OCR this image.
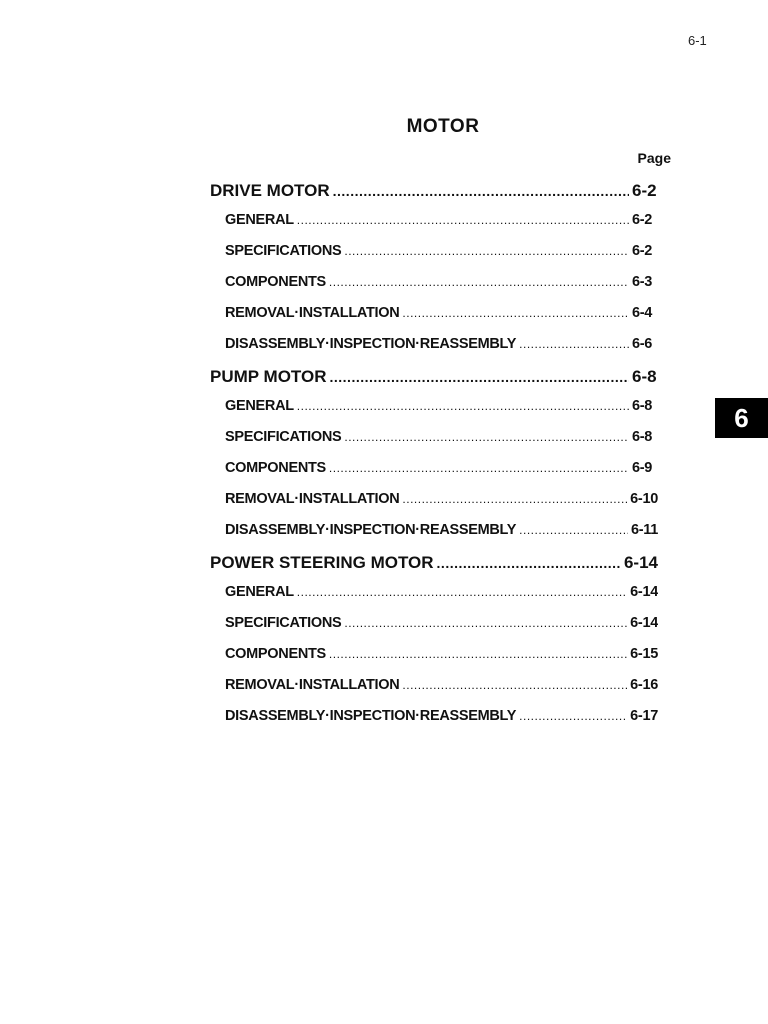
6-1
MOTOR
Page
DRIVE MOTOR .....	6-2
GENERAL .....	6-2
SPECIFICATIONS .....	6-2
COMPONENTS .....	6-3
REMOVAL·INSTALLATION .....	6-4
DISASSEMBLY·INSPECTION·REASSEMBLY .....	6-6
PUMP MOTOR .....	6-8
GENERAL .....	6-8
SPECIFICATIONS .....	6-8
COMPONENTS .....	6-9
REMOVAL·INSTALLATION .....	6-10
DISASSEMBLY·INSPECTION·REASSEMBLY .....	6-11
POWER STEERING MOTOR .....	6-14
GENERAL .....	6-14
SPECIFICATIONS .....	6-14
COMPONENTS .....	6-15
REMOVAL·INSTALLATION .....	6-16
DISASSEMBLY·INSPECTION·REASSEMBLY .....	6-17
6
